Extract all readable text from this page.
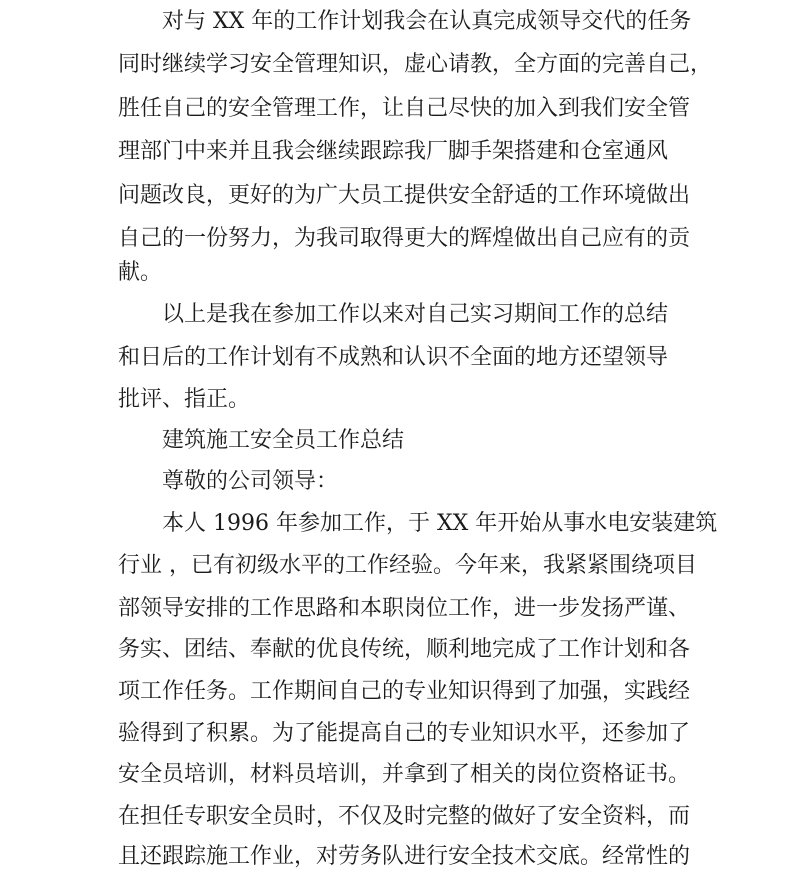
对与 XX 年的工作计划我会在认真完成领导交代的任务
同时继续学习安全管理知识，虚心请教，全方面的完善自己，
胜任自己的安全管理工作，让自己尽快的加入到我们安全管
理部门中来并且我会继续跟踪我厂脚手架搭建和仓室通风
问题改良，更好的为广大员工提供安全舒适的工作环境做出
自己的一份努力，为我司取得更大的辉煌做出自己应有的贡
献。
以上是我在参加工作以来对自己实习期间工作的总结
和日后的工作计划有不成熟和认识不全面的地方还望领导
批评、指正。
建筑施工安全员工作总结
尊敬的公司领导：
本人 1996 年参加工作，于 XX 年开始从事水电安装建筑
行业 ，已有初级水平的工作经验。今年来，我紧紧围绕项目
部领导安排的工作思路和本职岗位工作，进一步发扬严谨、
务实、团结、奉献的优良传统，顺利地完成了工作计划和各
项工作任务。工作期间自己的专业知识得到了加强，实践经
验得到了积累。为了能提高自己的专业知识水平，还参加了
安全员培训，材料员培训，并拿到了相关的岗位资格证书。
在担任专职安全员时，不仅及时完整的做好了安全资料，而
且还跟踪施工作业，对劳务队进行安全技术交底。经常性的
